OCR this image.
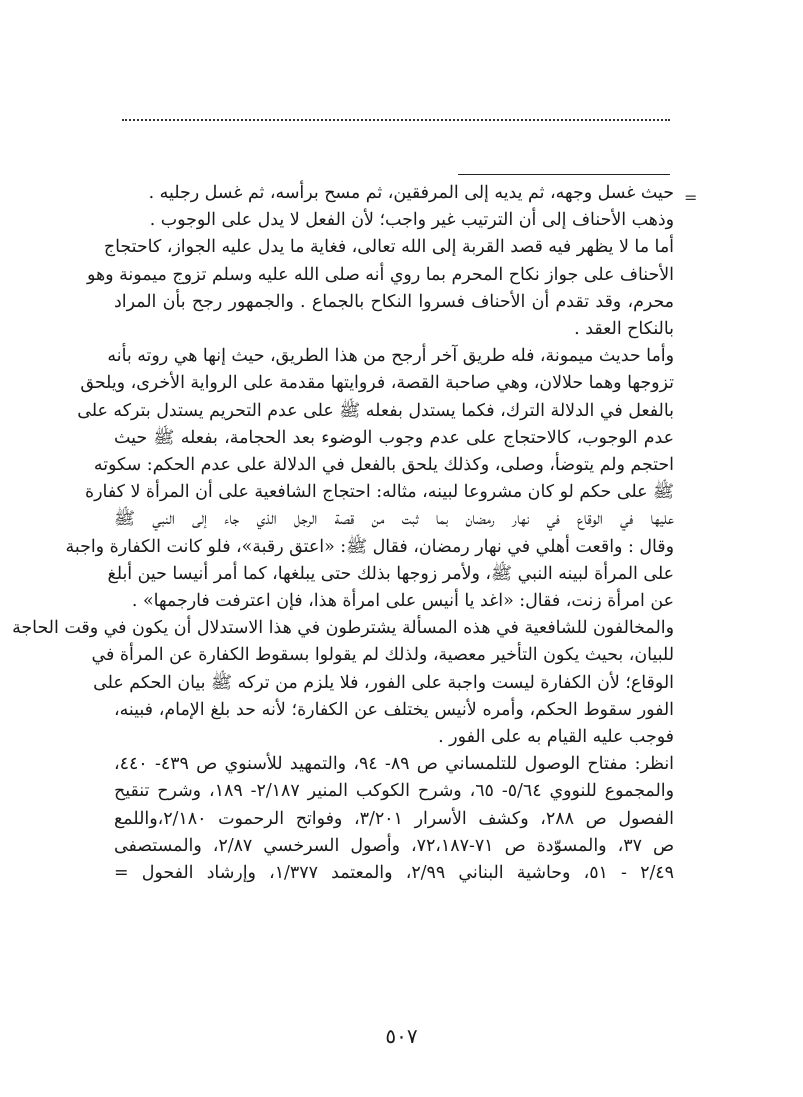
=
حيث غسل وجهه، ثم يديه إلى المرفقين، ثم مسح برأسه، ثم غسل رجليه .
وذهب الأحناف إلى أن الترتيب غير واجب؛ لأن الفعل لا يدل على الوجوب .
أما ما لا يظهر فيه قصد القربة إلى الله تعالى، فغاية ما يدل عليه الجواز، كاحتجاج
الأحناف على جواز نكاح المحرم بما روي أنه صلى الله عليه وسلم تزوج ميمونة وهو
محرم، وقد تقدم أن الأحناف فسروا النكاح بالجماع . والجمهور رجح بأن المراد
بالنكاح العقد .
وأما حديث ميمونة، فله طريق آخر أرجح من هذا الطريق، حيث إنها هي روته بأنه
تزوجها وهما حلالان، وهي صاحبة القصة، فروايتها مقدمة على الرواية الأخرى، ويلحق
بالفعل في الدلالة الترك، فكما يستدل بفعله ﷺ على عدم التحريم يستدل بتركه على
عدم الوجوب، كالاحتجاج على عدم وجوب الوضوء بعد الحجامة، بفعله ﷺ حيث
احتجم ولم يتوضأ، وصلى، وكذلك يلحق بالفعل في الدلالة على عدم الحكم: سكوته
ﷺ على حكم لو كان مشروعا لبينه، مثاله: احتجاج الشافعية على أن المرأة لا كفارة
عليها في الوقاع في نهار رمضان بما ثبت من قصة الرجل الذي جاء إلى النبي ﷺ
وقال : واقعت أهلي في نهار رمضان، فقال ﷺ: «اعتق رقبة»، فلو كانت الكفارة واجبة
على المرأة لبينه النبي ﷺ، ولأمر زوجها بذلك حتى يبلغها، كما أمر أنيسا حين أبلغ
عن امرأة زنت، فقال: «اغد يا أنيس على امرأة هذا، فإن اعترفت فارجمها» .
والمخالفون للشافعية في هذه المسألة يشترطون في هذا الاستدلال أن يكون في وقت الحاجة
للبيان، بحيث يكون التأخير معصية، ولذلك لم يقولوا بسقوط الكفارة عن المرأة في
الوقاع؛ لأن الكفارة ليست واجبة على الفور، فلا يلزم من تركه ﷺ بيان الحكم على
الفور سقوط الحكم، وأمره لأنيس يختلف عن الكفارة؛ لأنه حد بلغ الإمام، فبينه،
فوجب عليه القيام به على الفور .
انظر: مفتاح الوصول للتلمساني ص ٨٩- ٩٤، والتمهيد للأسنوي ص ٤٣٩- ٤٤٠،
والمجموع للنووي ٥/٦٤- ٦٥، وشرح الكوكب المنير ٢/١٨٧- ١٨٩، وشرح تنقيح
الفصول ص ٢٨٨، وكشف الأسرار ٣/٢٠١، وفواتح الرحموت ٢/١٨٠،واللمع
ص ٣٧، والمسوّدة ص ٧١-٧٢،١٨٧، وأصول السرخسي ٢/٨٧، والمستصفى
٢/٤٩ - ٥١، وحاشية البناني ٢/٩٩، والمعتمد ١/٣٧٧، وإرشاد الفحول =
٥٠٧
